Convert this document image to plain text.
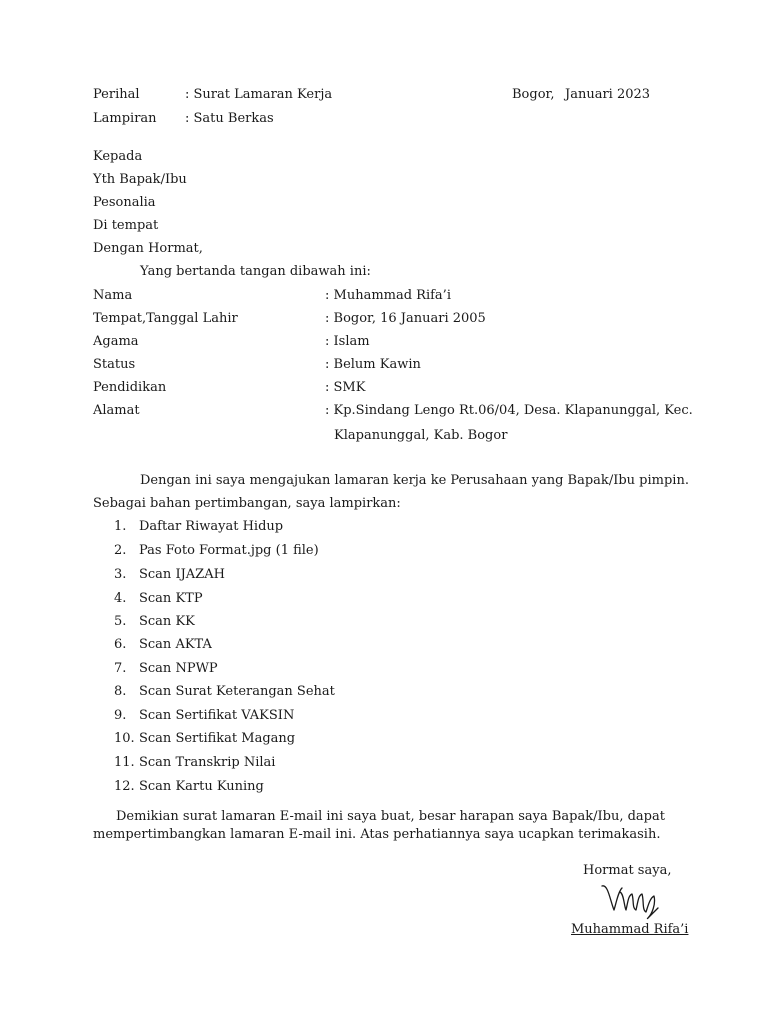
Perihal	: Surat Lamaran Kerja	Bogor, Januari 2023
Lampiran : Satu Berkas
Kepada
Yth Bapak/Ibu
Pesonalia
Di tempat
Dengan Hormat,
Yang bertanda tangan dibawah ini:
Nama	: Muhammad Rifa’i
Tempat,Tanggal Lahir	: Bogor, 16 Januari 2005
Agama	: Islam
Status	: Belum Kawin
Pendidikan	: SMK
Alamat	: Kp.Sindang Lengo Rt.06/04, Desa. Klapanunggal, Kec.
Klapanunggal, Kab. Bogor
Dengan ini saya mengajukan lamaran kerja ke Perusahaan yang Bapak/Ibu pimpin.
Sebagai bahan pertimbangan, saya lampirkan:
1. Daftar Riwayat Hidup
2. Pas Foto Format.jpg (1 file)
3. Scan IJAZAH
4. Scan KTP
5. Scan KK
6. Scan AKTA
7. Scan NPWP
8. Scan Surat Keterangan Sehat
9. Scan Sertifikat VAKSIN
10. Scan Sertifikat Magang
11. Scan Transkrip Nilai
12. Scan Kartu Kuning
Demikian surat lamaran E-mail ini saya buat, besar harapan saya Bapak/Ibu, dapat
mempertimbangkan lamaran E-mail ini. Atas perhatiannya saya ucapkan terimakasih.
Hormat saya,
Muhammad Rifa’i
